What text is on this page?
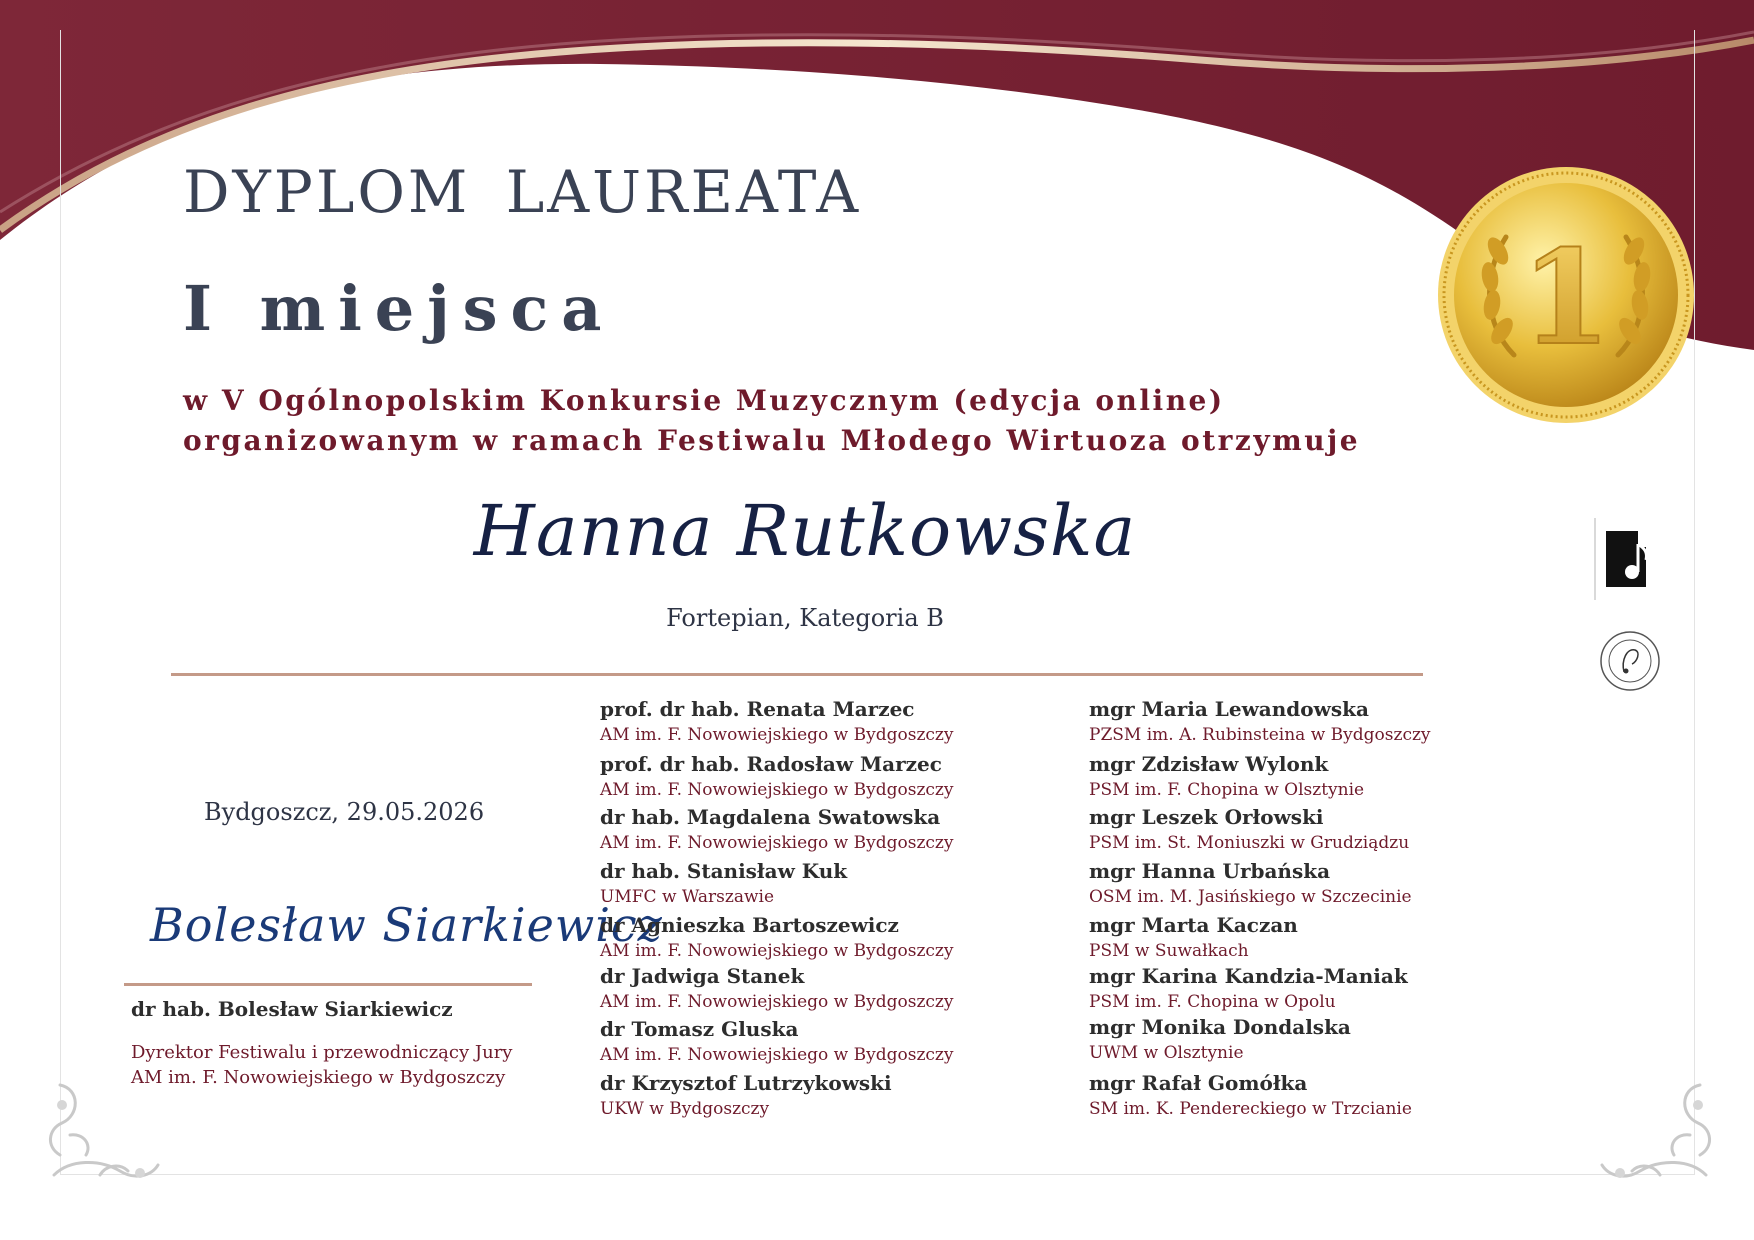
DYPLOM LAUREATA
I miejsca
w V Ogólnopolskim Konkursie Muzycznym (edycja online)
organizowanym w ramach Festiwalu Młodego Wirtuoza otrzymuje
Hanna Rutkowska
Fortepian, Kategoria B
1
Bydgoszcz, 29.05.2026
Bolesław Siarkiewicz
dr hab. Bolesław Siarkiewicz
Dyrektor Festiwalu i przewodniczący Jury
AM im. F. Nowowiejskiego w Bydgoszczy
prof. dr hab. Renata Marzec
AM im. F. Nowowiejskiego w Bydgoszczy
prof. dr hab. Radosław Marzec
AM im. F. Nowowiejskiego w Bydgoszczy
dr hab. Magdalena Swatowska
AM im. F. Nowowiejskiego w Bydgoszczy
dr hab. Stanisław Kuk
UMFC w Warszawie
dr Agnieszka Bartoszewicz
AM im. F. Nowowiejskiego w Bydgoszczy
dr Jadwiga Stanek
AM im. F. Nowowiejskiego w Bydgoszczy
dr Tomasz Gluska
AM im. F. Nowowiejskiego w Bydgoszczy
dr Krzysztof Lutrzykowski
UKW w Bydgoszczy
mgr Maria Lewandowska
PZSM im. A. Rubinsteina w Bydgoszczy
mgr Zdzisław Wylonk
PSM im. F. Chopina w Olsztynie
mgr Leszek Orłowski
PSM im. St. Moniuszki w Grudziądzu
mgr Hanna Urbańska
OSM im. M. Jasińskiego w Szczecinie
mgr Marta Kaczan
PSM w Suwałkach
mgr Karina Kandzia-Maniak
PSM im. F. Chopina w Opolu
mgr Monika Dondalska
UWM w Olsztynie
mgr Rafał Gomółka
SM im. K. Pendereckiego w Trzcianie
